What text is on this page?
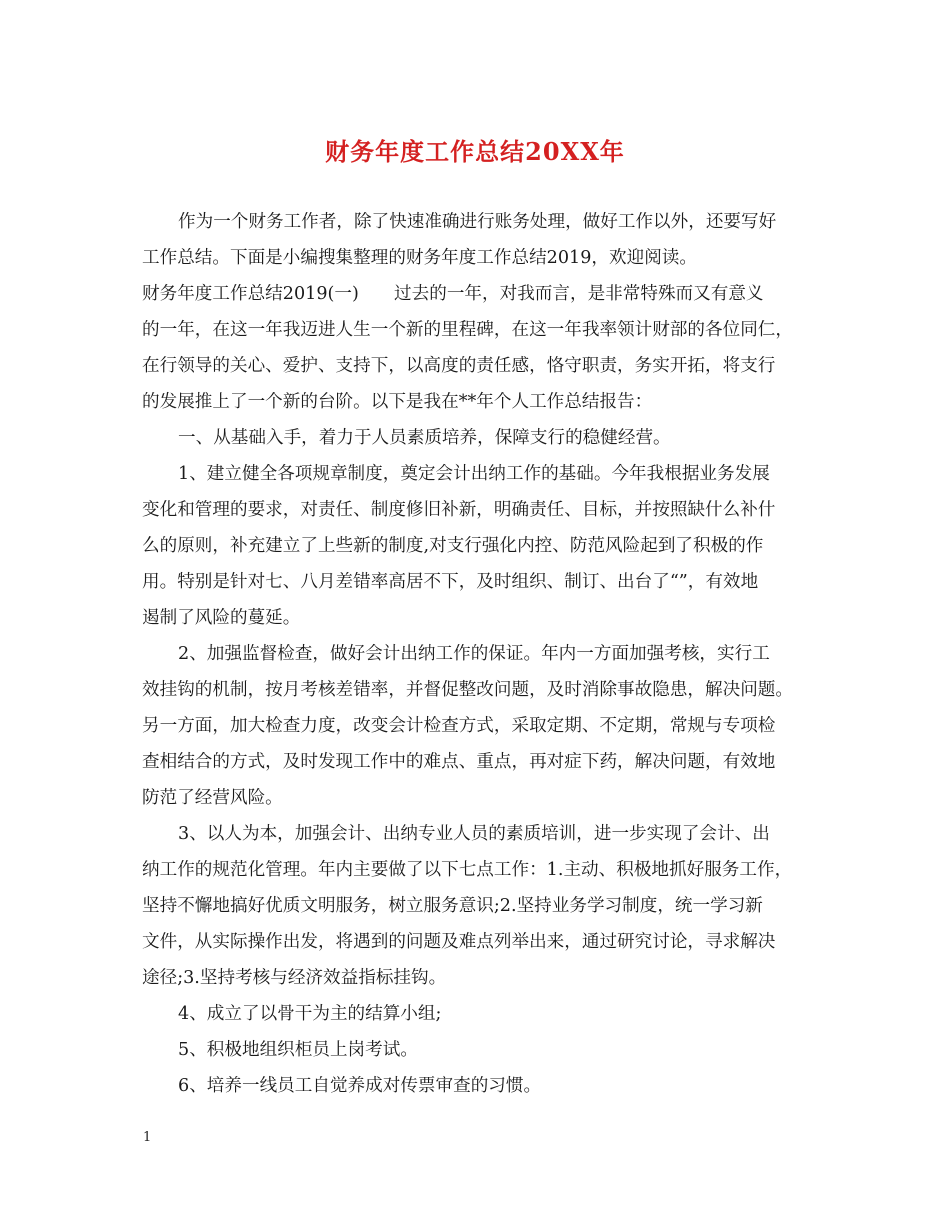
财务年度工作总结20XX年
作为一个财务工作者，除了快速准确进行账务处理，做好工作以外，还要写好
工作总结。下面是小编搜集整理的财务年度工作总结2019，欢迎阅读。
财务年度工作总结2019(一)　　过去的一年，对我而言，是非常特殊而又有意义
的一年，在这一年我迈进人生一个新的里程碑，在这一年我率领计财部的各位同仁，
在行领导的关心、爱护、支持下，以高度的责任感，恪守职责，务实开拓，将支行
的发展推上了一个新的台阶。以下是我在**年个人工作总结报告：
一、从基础入手，着力于人员素质培养，保障支行的稳健经营。
1、建立健全各项规章制度，奠定会计出纳工作的基础。今年我根据业务发展
变化和管理的要求，对责任、制度修旧补新，明确责任、目标，并按照缺什么补什
么的原则，补充建立了上些新的制度,对支行强化内控、防范风险起到了积极的作
用。特别是针对七、八月差错率高居不下，及时组织、制订、出台了“”，有效地
遏制了风险的蔓延。
2、加强监督检查，做好会计出纳工作的保证。年内一方面加强考核，实行工
效挂钩的机制，按月考核差错率，并督促整改问题，及时消除事故隐患，解决问题。
另一方面，加大检查力度，改变会计检查方式，采取定期、不定期，常规与专项检
查相结合的方式，及时发现工作中的难点、重点，再对症下药，解决问题，有效地
防范了经营风险。
3、以人为本，加强会计、出纳专业人员的素质培训，进一步实现了会计、出
纳工作的规范化管理。年内主要做了以下七点工作：1.主动、积极地抓好服务工作，
坚持不懈地搞好优质文明服务，树立服务意识;2.坚持业务学习制度，统一学习新
文件，从实际操作出发，将遇到的问题及难点列举出来，通过研究讨论，寻求解决
途径;3.坚持考核与经济效益指标挂钩。
4、成立了以骨干为主的结算小组;
5、积极地组织柜员上岗考试。
6、培养一线员工自觉养成对传票审查的习惯。
1
